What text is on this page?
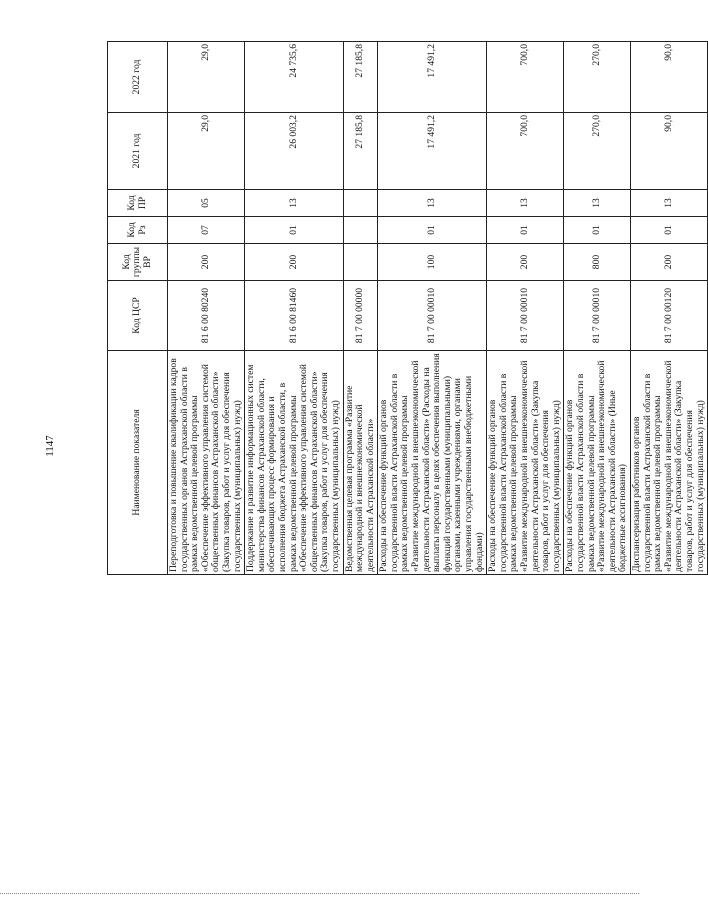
1147	Наименование показателя	Код ЦСР	Код группы ВР	Код Рз	Код ПР	2021 год	2022 год
Переподготовка и повышение квалификации кадров государственных органов Астраханской области в рамках ведомственной целевой программы «Обеспечение эффективного управления системой общественных финансов Астраханской области» (Закупка товаров, работ и услуг для обеспечения государственных (муниципальных) нужд)	81 6 00 80240	200	07	05	29,0	29,0
Поддержание и развитие информационных систем министерства финансов Астраханской области, обеспечивающих процесс формирования и исполнения бюджета Астраханской области, в рамках ведомственной целевой программы «Обеспечение эффективного управления системой общественных финансов Астраханской области» (Закупка товаров, работ и услуг для обеспечения государственных (муниципальных) нужд)	81 6 00 81460	200	01	13	26 003,2	24 735,6
Ведомственная целевая программа «Развитие международной и внешнеэкономической деятельности Астраханской области»	81 7 00 00000				27 185,8	27 185,8
Расходы на обеспечение функций органов государственной власти Астраханской области в рамках ведомственной целевой программы «Развитие международной и внешнеэкономической деятельности Астраханской области» (Расходы на выплаты персоналу в целях обеспечения выполнения функций государственными (муниципальными) органами, казенными учреждениями, органами управления государственными внебюджетными фондами)	81 7 00 00010	100	01	13	17 491,2	17 491,2
Расходы на обеспечение функций органов государственной власти Астраханской области в рамках ведомственной целевой программы «Развитие международной и внешнеэкономической деятельности Астраханской области» (Закупка товаров, работ и услуг для обеспечения государственных (муниципальных) нужд)	81 7 00 00010	200	01	13	700,0	700,0
Расходы на обеспечение функций органов государственной власти Астраханской области в рамках ведомственной целевой программы «Развитие международной и внешнеэкономической деятельности Астраханской области» (Иные бюджетные ассигнования)	81 7 00 00010	800	01	13	270,0	270,0
Диспансеризация работников органов государственной власти Астраханской области в рамках ведомственной целевой программы «Развитие международной и внешнеэкономической деятельности Астраханской области» (Закупка товаров, работ и услуг для обеспечения государственных (муниципальных) нужд)	81 7 00 00120	200	01	13	90,0	90,0
